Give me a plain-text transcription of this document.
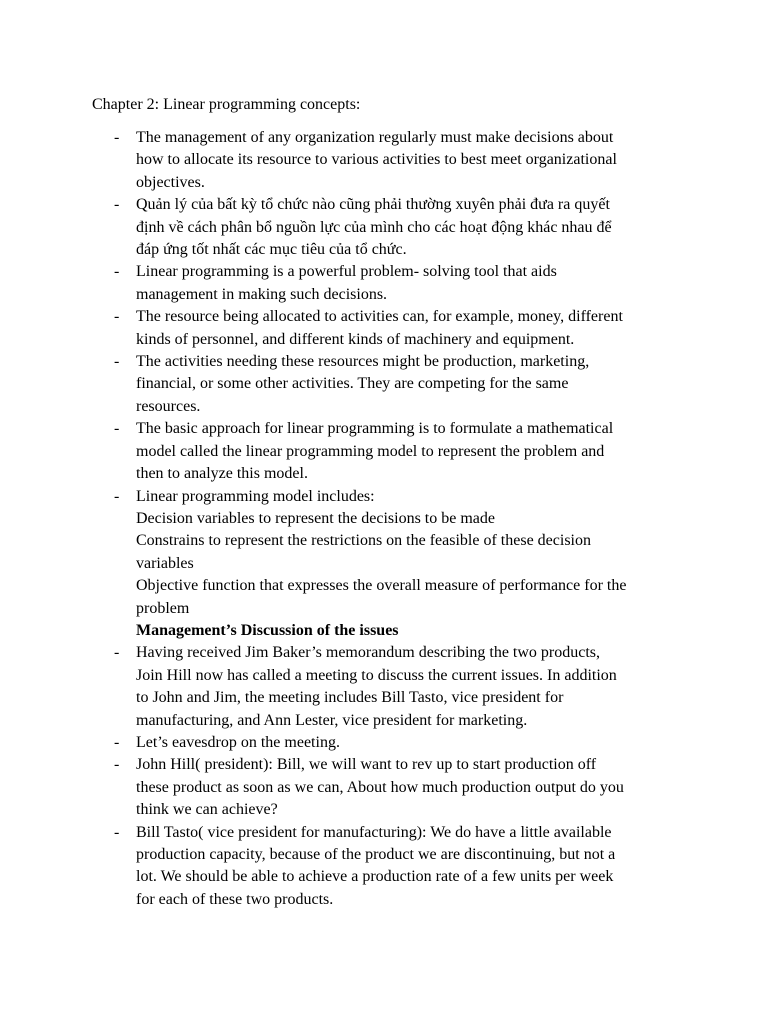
Chapter 2: Linear programming concepts:
- The management of any organization regularly must make decisions about
how to allocate its resource to various activities to best meet organizational
objectives.
- Quản lý của bất kỳ tổ chức nào cũng phải thường xuyên phải đưa ra quyết
định về cách phân bổ nguồn lực của mình cho các hoạt động khác nhau để
đáp ứng tốt nhất các mục tiêu của tổ chức.
- Linear programming is a powerful problem- solving tool that aids
management in making such decisions.
- The resource being allocated to activities can, for example, money, different
kinds of personnel, and different kinds of machinery and equipment.
- The activities needing these resources might be production, marketing,
financial, or some other activities. They are competing for the same
resources.
- The basic approach for linear programming is to formulate a mathematical
model called the linear programming model to represent the problem and
then to analyze this model.
- Linear programming model includes:
Decision variables to represent the decisions to be made
Constrains to represent the restrictions on the feasible of these decision
variables
Objective function that expresses the overall measure of performance for the
problem
Management’s Discussion of the issues
- Having received Jim Baker’s memorandum describing the two products,
Join Hill now has called a meeting to discuss the current issues. In addition
to John and Jim, the meeting includes Bill Tasto, vice president for
manufacturing, and Ann Lester, vice president for marketing.
- Let’s eavesdrop on the meeting.
- John Hill( president): Bill, we will want to rev up to start production off
these product as soon as we can, About how much production output do you
think we can achieve?
- Bill Tasto( vice president for manufacturing): We do have a little available
production capacity, because of the product we are discontinuing, but not a
lot. We should be able to achieve a production rate of a few units per week
for each of these two products.
